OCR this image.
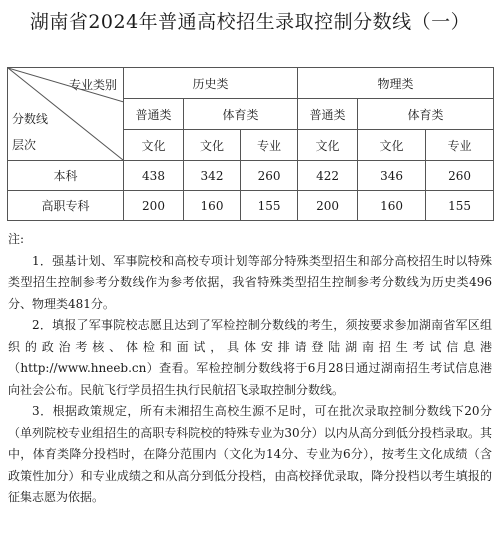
湖南省2024年普通高校招生录取控制分数线（一）
专业类别
分数线
层次	历史类			物理类		
	普通类	体育类		普通类	体育类	
	文化	文化	专业	文化	文化	专业
本科	438	342	260	422	346	260
高职专科	200	160	155	200	160	155

注:

1．强基计划、军事院校和高校专项计划等部分特殊类型招生和部分高校招生时以特殊类型招生控制参考分数线作为参考依据，我省特殊类型招生控制参考分数线为历史类496分、物理类481分。

2．填报了军事院校志愿且达到了军检控制分数线的考生，须按要求参加湖南省军区组织的政治考核、体检和面试，具体安排请登陆湖南招生考试信息港（http://www.hneeb.cn）查看。军检控制分数线将于6月28日通过湖南招生考试信息港向社会公布。民航飞行学员招生执行民航招飞录取控制分数线。

3．根据政策规定，所有未湘招生高校生源不足时，可在批次录取控制分数线下20分（单列院校专业组招生的高职专科院校的特殊专业为30分）以内从高分到低分投档录取。其中，体育类降分投档时，在降分范围内（文化为14分、专业为6分），按考生文化成绩（含政策性加分）和专业成绩之和从高分到低分投档，由高校择优录取，降分投档以考生填报的征集志愿为依据。
